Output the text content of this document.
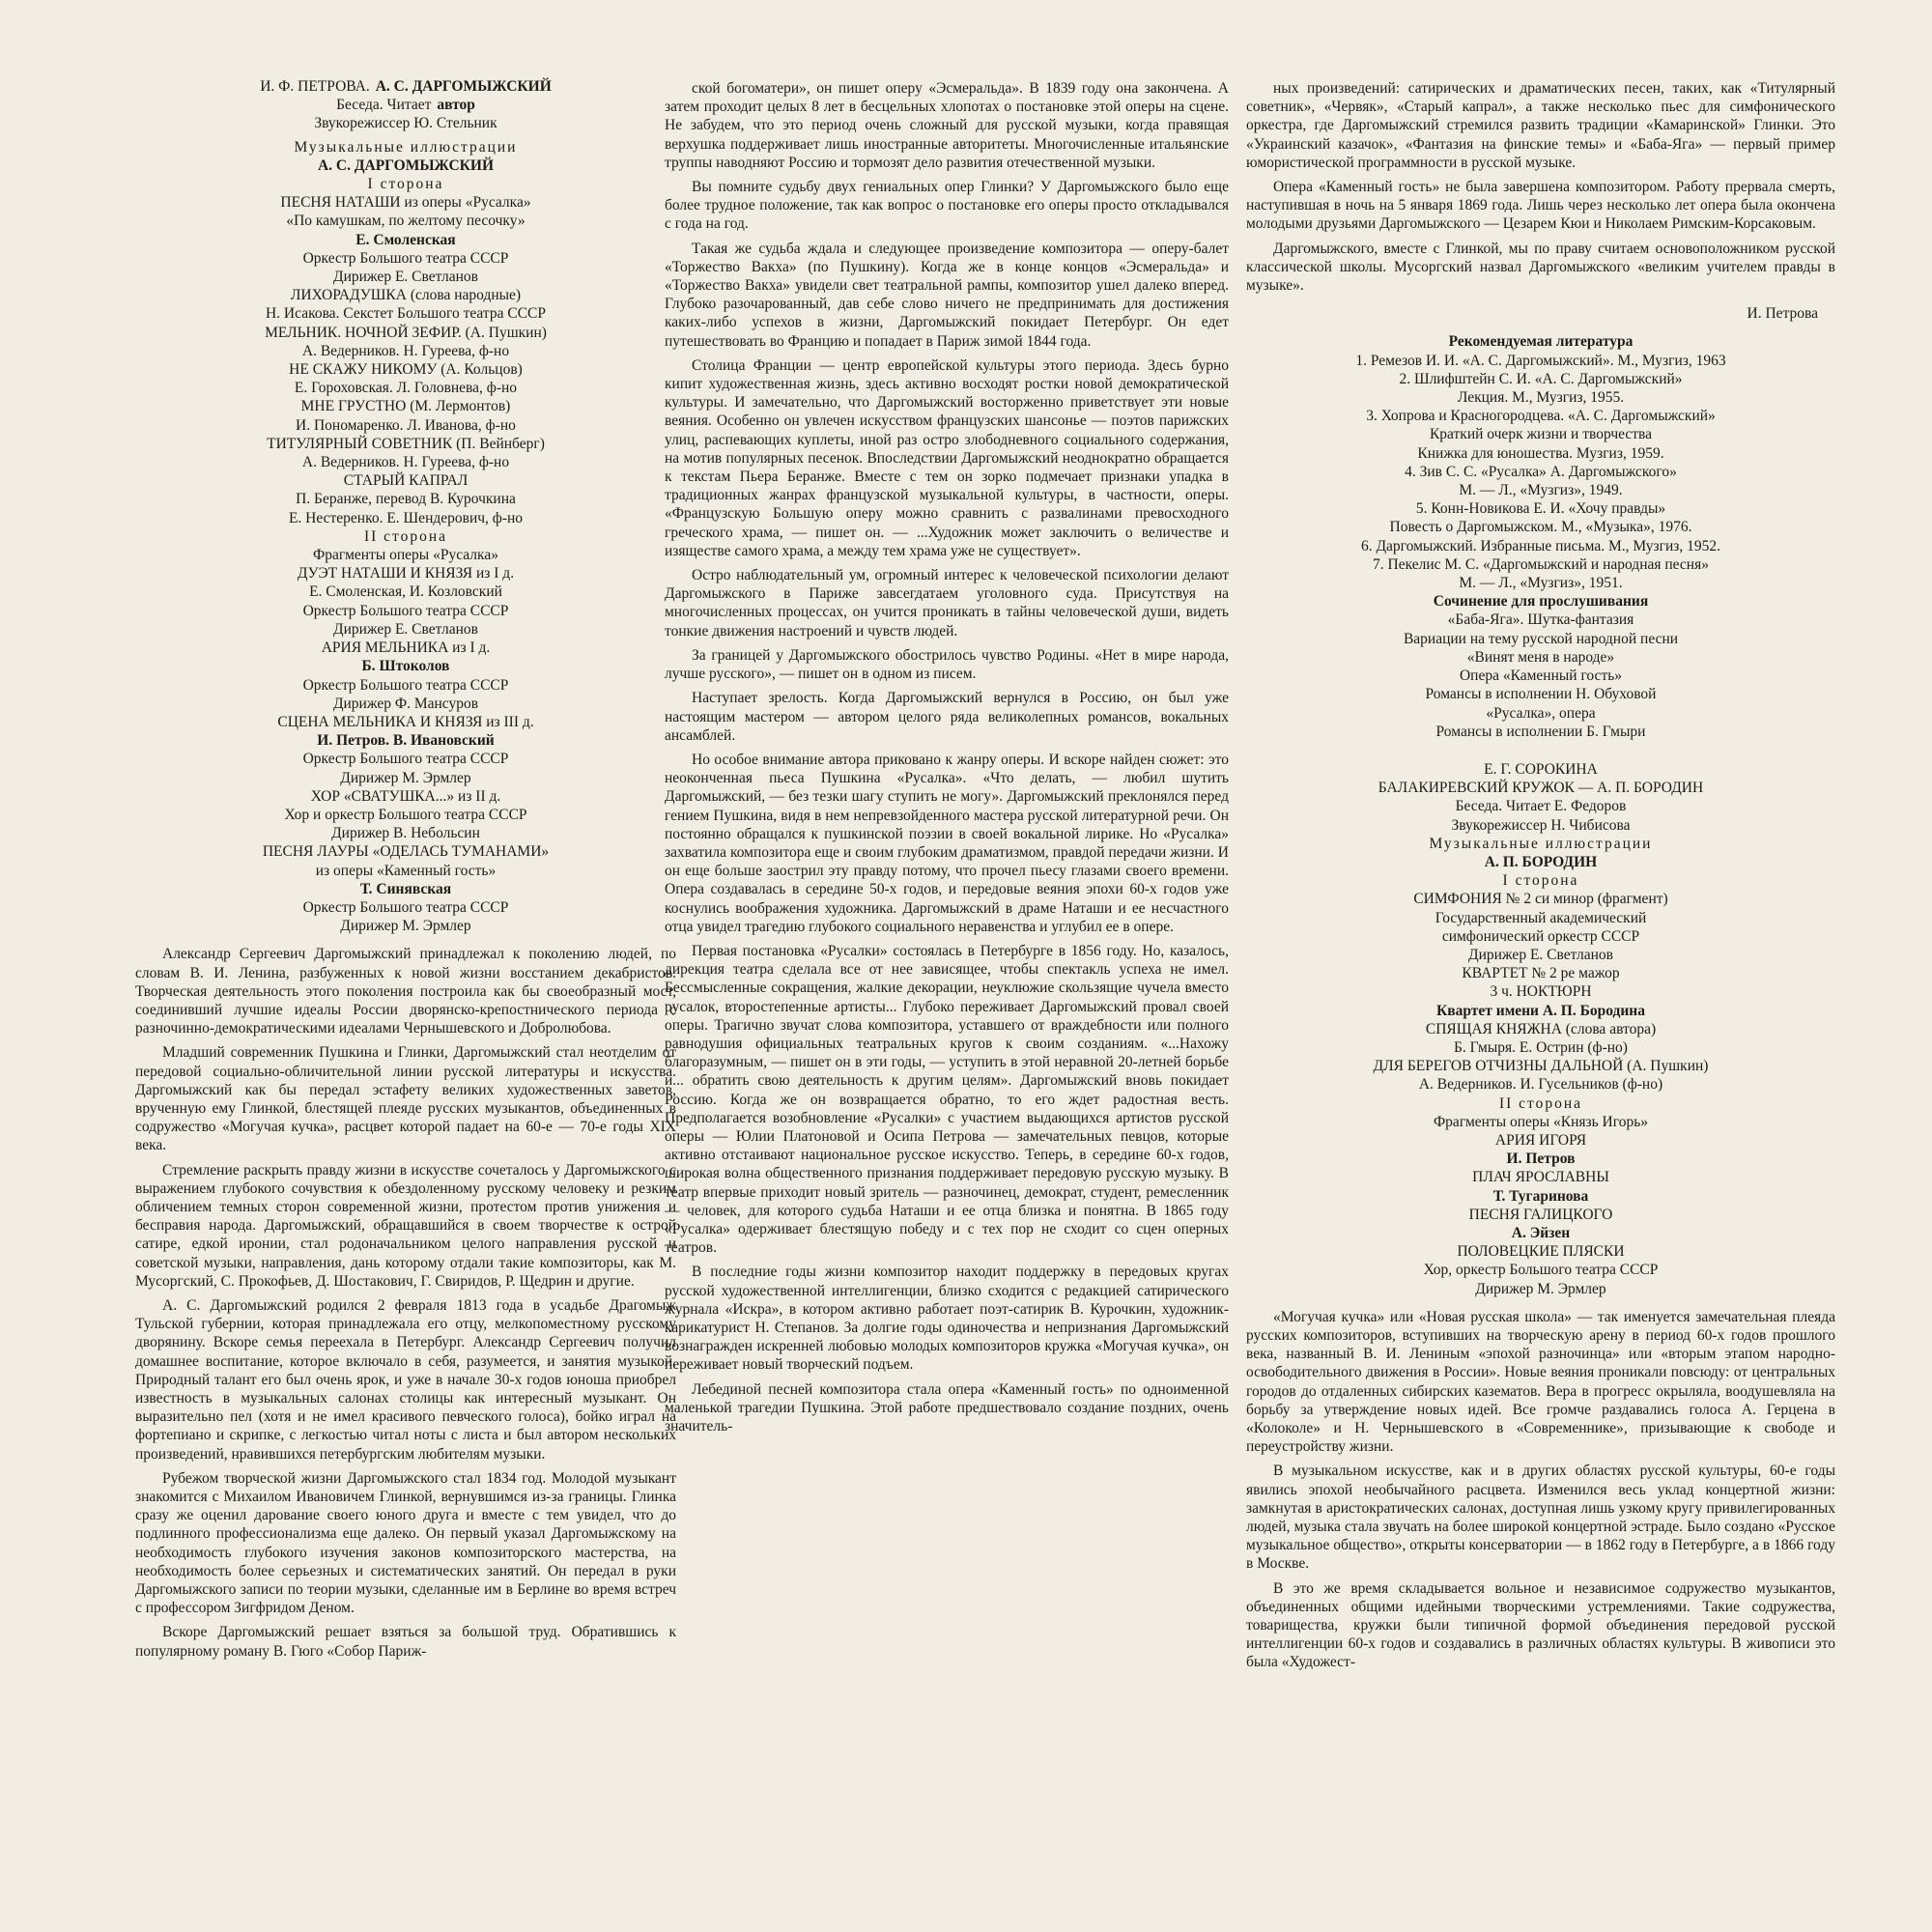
И. Ф. ПЕТРОВА. А. С. ДАРГОМЫЖСКИЙ
Беседа. Читает автор

Звукорежиссер Ю. Стельник

Музыкальные иллюстрации

А. С. ДАРГОМЫЖСКИЙ

I сторона

ПЕСНЯ НАТАШИ из оперы «Русалка»

«По камушкам, по желтому песочку»

Е. Смоленская

Оркестр Большого театра СССР

Дирижер Е. Светланов

ЛИХОРАДУШКА (слова народные)

Н. Исакова. Секстет Большого театра СССР

МЕЛЬНИК. НОЧНОЙ ЗЕФИР. (А. Пушкин)

А. Ведерников. Н. Гуреева, ф-но

НЕ СКАЖУ НИКОМУ (А. Кольцов)

Е. Гороховская. Л. Головнева, ф-но

МНЕ ГРУСТНО (М. Лермонтов)

И. Пономаренко. Л. Иванова, ф-но

ТИТУЛЯРНЫЙ СОВЕТНИК (П. Вейнберг)

А. Ведерников. Н. Гуреева, ф-но

СТАРЫЙ КАПРАЛ

П. Беранже, перевод В. Курочкина

Е. Нестеренко. Е. Шендерович, ф-но

II сторона

Фрагменты оперы «Русалка»

ДУЭТ НАТАШИ И КНЯЗЯ из I д.

Е. Смоленская, И. Козловский

Оркестр Большого театра СССР

Дирижер Е. Светланов

АРИЯ МЕЛЬНИКА из I д.

Б. Штоколов

Оркестр Большого театра СССР

Дирижер Ф. Мансуров

СЦЕНА МЕЛЬНИКА И КНЯЗЯ из III д.

И. Петров. В. Ивановский

Оркестр Большого театра СССР

Дирижер М. Эрмлер

ХОР «СВАТУШКА...» из II д.

Хор и оркестр Большого театра СССР

Дирижер В. Небольсин

ПЕСНЯ ЛАУРЫ «ОДЕЛАСЬ ТУМАНАМИ»

из оперы «Каменный гость»

Т. Синявская

Оркестр Большого театра СССР

Дирижер М. Эрмлер

Александр Сергеевич Даргомыжский принадлежал к поколению людей, по словам В. И. Ленина, разбуженных к новой жизни восстанием декабристов. Творческая деятельность этого поколения построила как бы своеобразный мост, соединивший лучшие идеалы России дворянско-крепостнического периода с разночинно-демократическими идеалами Чернышевского и Добролюбова.

Младший современник Пушкина и Глинки, Даргомыжский стал неотделим от передовой социально-обличительной линии русской литературы и искусства. Даргомыжский как бы передал эстафету великих художественных заветов, врученную ему Глинкой, блестящей плеяде русских музыкантов, объединенных в содружество «Могучая кучка», расцвет которой падает на 60-е — 70-е годы XIX века.

Стремление раскрыть правду жизни в искусстве сочеталось у Даргомыжского с выражением глубокого сочувствия к обездоленному русскому человеку и резким обличением темных сторон современной жизни, протестом против унижения и бесправия народа. Даргомыжский, обращавшийся в своем творчестве к острой сатире, едкой иронии, стал родоначальником целого направления русской и советской музыки, направления, дань которому отдали такие композиторы, как М. Мусоргский, С. Прокофьев, Д. Шостакович, Г. Свиридов, Р. Щедрин и другие.

А. С. Даргомыжский родился 2 февраля 1813 года в усадьбе Драгомыж Тульской губернии, которая принадлежала его отцу, мелкопоместному русскому дворянину. Вскоре семья переехала в Петербург. Александр Сергеевич получил домашнее воспитание, которое включало в себя, разумеется, и занятия музыкой. Природный талант его был очень ярок, и уже в начале 30-х годов юноша приобрел известность в музыкальных салонах столицы как интересный музыкант. Он выразительно пел (хотя и не имел красивого певческого голоса), бойко играл на фортепиано и скрипке, с легкостью читал ноты с листа и был автором нескольких произведений, нравившихся петербургским любителям музыки.

Рубежом творческой жизни Даргомыжского стал 1834 год. Молодой музыкант знакомится с Михаилом Ивановичем Глинкой, вернувшимся из-за границы. Глинка сразу же оценил дарование своего юного друга и вместе с тем увидел, что до подлинного профессионализма еще далеко. Он первый указал Даргомыжскому на необходимость глубокого изучения законов композиторского мастерства, на необходимость более серьезных и систематических занятий. Он передал в руки Даргомыжского записи по теории музыки, сделанные им в Берлине во время встреч с профессором Зигфридом Деном.

Вскоре Даргомыжский решает взяться за большой труд. Обратившись к популярному роману В. Гюго «Собор Париж-

ской богоматери», он пишет оперу «Эсмеральда». В 1839 году она закончена. А затем проходит целых 8 лет в бесцельных хлопотах о постановке этой оперы на сцене. Не забудем, что это период очень сложный для русской музыки, когда правящая верхушка поддерживает лишь иностранные авторитеты. Многочисленные итальянские труппы наводняют Россию и тормозят дело развития отечественной музыки.

Вы помните судьбу двух гениальных опер Глинки? У Даргомыжского было еще более трудное положение, так как вопрос о постановке его оперы просто откладывался с года на год.

Такая же судьба ждала и следующее произведение композитора — оперу-балет «Торжество Вакха» (по Пушкину). Когда же в конце концов «Эсмеральда» и «Торжество Вакха» увидели свет театральной рампы, композитор ушел далеко вперед. Глубоко разочарованный, дав себе слово ничего не предпринимать для достижения каких-либо успехов в жизни, Даргомыжский покидает Петербург. Он едет путешествовать во Францию и попадает в Париж зимой 1844 года.

Столица Франции — центр европейской культуры этого периода. Здесь бурно кипит художественная жизнь, здесь активно восходят ростки новой демократической культуры. И замечательно, что Даргомыжский восторженно приветствует эти новые веяния. Особенно он увлечен искусством французских шансонье — поэтов парижских улиц, распевающих куплеты, иной раз остро злободневного социального содержания, на мотив популярных песенок. Впоследствии Даргомыжский неоднократно обращается к текстам Пьера Беранже. Вместе с тем он зорко подмечает признаки упадка в традиционных жанрах французской музыкальной культуры, в частности, оперы. «Французскую Большую оперу можно сравнить с развалинами превосходного греческого храма, — пишет он. — ...Художник может заключить о величестве и изяществе самого храма, а между тем храма уже не существует».

Остро наблюдательный ум, огромный интерес к человеческой психологии делают Даргомыжского в Париже завсегдатаем уголовного суда. Присутствуя на многочисленных процессах, он учится проникать в тайны человеческой души, видеть тонкие движения настроений и чувств людей.

За границей у Даргомыжского обострилось чувство Родины. «Нет в мире народа, лучше русского», — пишет он в одном из писем.

Наступает зрелость. Когда Даргомыжский вернулся в Россию, он был уже настоящим мастером — автором целого ряда великолепных романсов, вокальных ансамблей.

Но особое внимание автора приковано к жанру оперы. И вскоре найден сюжет: это неоконченная пьеса Пушкина «Русалка». «Что делать, — любил шутить Даргомыжский, — без тезки шагу ступить не могу». Даргомыжский преклонялся перед гением Пушкина, видя в нем непревзойденного мастера русской литературной речи. Он постоянно обращался к пушкинской поэзии в своей вокальной лирике. Но «Русалка» захватила композитора еще и своим глубоким драматизмом, правдой передачи жизни. И он еще больше заострил эту правду потому, что прочел пьесу глазами своего времени. Опера создавалась в середине 50-х годов, и передовые веяния эпохи 60-х годов уже коснулись воображения художника. Даргомыжский в драме Наташи и ее несчастного отца увидел трагедию глубокого социального неравенства и углубил ее в опере.

Первая постановка «Русалки» состоялась в Петербурге в 1856 году. Но, казалось, дирекция театра сделала все от нее зависящее, чтобы спектакль успеха не имел. Бессмысленные сокращения, жалкие декорации, неуклюжие скользящие чучела вместо русалок, второстепенные артисты... Глубоко переживает Даргомыжский провал своей оперы. Трагично звучат слова композитора, уставшего от враждебности или полного равнодушия официальных театральных кругов к своим созданиям. «...Нахожу благоразумным, — пишет он в эти годы, — уступить в этой неравной 20-летней борьбе и... обратить свою деятельность к другим целям». Даргомыжский вновь покидает Россию. Когда же он возвращается обратно, то его ждет радостная весть. Предполагается возобновление «Русалки» с участием выдающихся артистов русской оперы — Юлии Платоновой и Осипа Петрова — замечательных певцов, которые активно отстаивают национальное русское искусство. Теперь, в середине 60-х годов, широкая волна общественного признания поддерживает передовую русскую музыку. В театр впервые приходит новый зритель — разночинец, демократ, студент, ремесленник — человек, для которого судьба Наташи и ее отца близка и понятна. В 1865 году «Русалка» одерживает блестящую победу и с тех пор не сходит со сцен оперных театров.

В последние годы жизни композитор находит поддержку в передовых кругах русской художественной интеллигенции, близко сходится с редакцией сатирического журнала «Искра», в котором активно работает поэт-сатирик В. Курочкин, художник-карикатурист Н. Степанов. За долгие годы одиночества и непризнания Даргомыжский вознагражден искренней любовью молодых композиторов кружка «Могучая кучка», он переживает новый творческий подъем.

Лебединой песней композитора стала опера «Каменный гость» по одноименной маленькой трагедии Пушкина. Этой работе предшествовало создание поздних, очень значитель-

ных произведений: сатирических и драматических песен, таких, как «Титулярный советник», «Червяк», «Старый капрал», а также несколько пьес для симфонического оркестра, где Даргомыжский стремился развить традиции «Камаринской» Глинки. Это «Украинский казачок», «Фантазия на финские темы» и «Баба-Яга» — первый пример юмористической программности в русской музыке.

Опера «Каменный гость» не была завершена композитором. Работу прервала смерть, наступившая в ночь на 5 января 1869 года. Лишь через несколько лет опера была окончена молодыми друзьями Даргомыжского — Цезарем Кюи и Николаем Римским-Корсаковым.

Даргомыжского, вместе с Глинкой, мы по праву считаем основоположником русской классической школы. Мусоргский назвал Даргомыжского «великим учителем правды в музыке».

И. Петрова

Рекомендуемая литература

1. Ремезов И. И. «А. С. Даргомыжский». М., Музгиз, 1963

2. Шлифштейн С. И. «А. С. Даргомыжский»

Лекция. М., Музгиз, 1955.

3. Хопрова и Красногородцева. «А. С. Даргомыжский»

Краткий очерк жизни и творчества

Книжка для юношества. Музгиз, 1959.

4. Зив С. С. «Русалка» А. Даргомыжского»

М. — Л., «Музгиз», 1949.

5. Конн-Новикова Е. И. «Хочу правды»

Повесть о Даргомыжском. М., «Музыка», 1976.

6. Даргомыжский. Избранные письма. М., Музгиз, 1952.

7. Пекелис М. С. «Даргомыжский и народная песня»

М. — Л., «Музгиз», 1951.

Сочинение для прослушивания

«Баба-Яга». Шутка-фантазия

Вариации на тему русской народной песни

«Винят меня в народе»

Опера «Каменный гость»

Романсы в исполнении Н. Обуховой

«Русалка», опера

Романсы в исполнении Б. Гмыри

Е. Г. СОРОКИНА

БАЛАКИРЕВСКИЙ КРУЖОК — А. П. БОРОДИН

Беседа. Читает Е. Федоров

Звукорежиссер Н. Чибисова

Музыкальные иллюстрации

А. П. БОРОДИН

I сторона

СИМФОНИЯ № 2 си минор (фрагмент)

Государственный академический

симфонический оркестр СССР

Дирижер Е. Светланов

КВАРТЕТ № 2 ре мажор

3 ч. НОКТЮРН

Квартет имени А. П. Бородина

СПЯЩАЯ КНЯЖНА (слова автора)

Б. Гмыря. Е. Острин (ф-но)

ДЛЯ БЕРЕГОВ ОТЧИЗНЫ ДАЛЬНОЙ (А. Пушкин)

А. Ведерников. И. Гусельников (ф-но)

II сторона

Фрагменты оперы «Князь Игорь»

АРИЯ ИГОРЯ

И. Петров

ПЛАЧ ЯРОСЛАВНЫ

Т. Тугаринова

ПЕСНЯ ГАЛИЦКОГО

А. Эйзен

ПОЛОВЕЦКИЕ ПЛЯСКИ

Хор, оркестр Большого театра СССР

Дирижер М. Эрмлер

«Могучая кучка» или «Новая русская школа» — так именуется замечательная плеяда русских композиторов, вступивших на творческую арену в период 60-х годов прошлого века, названный В. И. Лениным «эпохой разночинца» или «вторым этапом народно-освободительного движения в России». Новые веяния проникали повсюду: от центральных городов до отдаленных сибирских казематов. Вера в прогресс окрыляла, воодушевляла на борьбу за утверждение новых идей. Все громче раздавались голоса А. Герцена в «Колоколе» и Н. Чернышевского в «Современнике», призывающие к свободе и переустройству жизни.

В музыкальном искусстве, как и в других областях русской культуры, 60-е годы явились эпохой необычайного расцвета. Изменился весь уклад концертной жизни: замкнутая в аристократических салонах, доступная лишь узкому кругу привилегированных людей, музыка стала звучать на более широкой концертной эстраде. Было создано «Русское музыкальное общество», открыты консерватории — в 1862 году в Петербурге, а в 1866 году в Москве.

В это же время складывается вольное и независимое содружество музыкантов, объединенных общими идейными творческими устремлениями. Такие содружества, товарищества, кружки были типичной формой объединения передовой русской интеллигенции 60-х годов и создавались в различных областях культуры. В живописи это была «Художест-
